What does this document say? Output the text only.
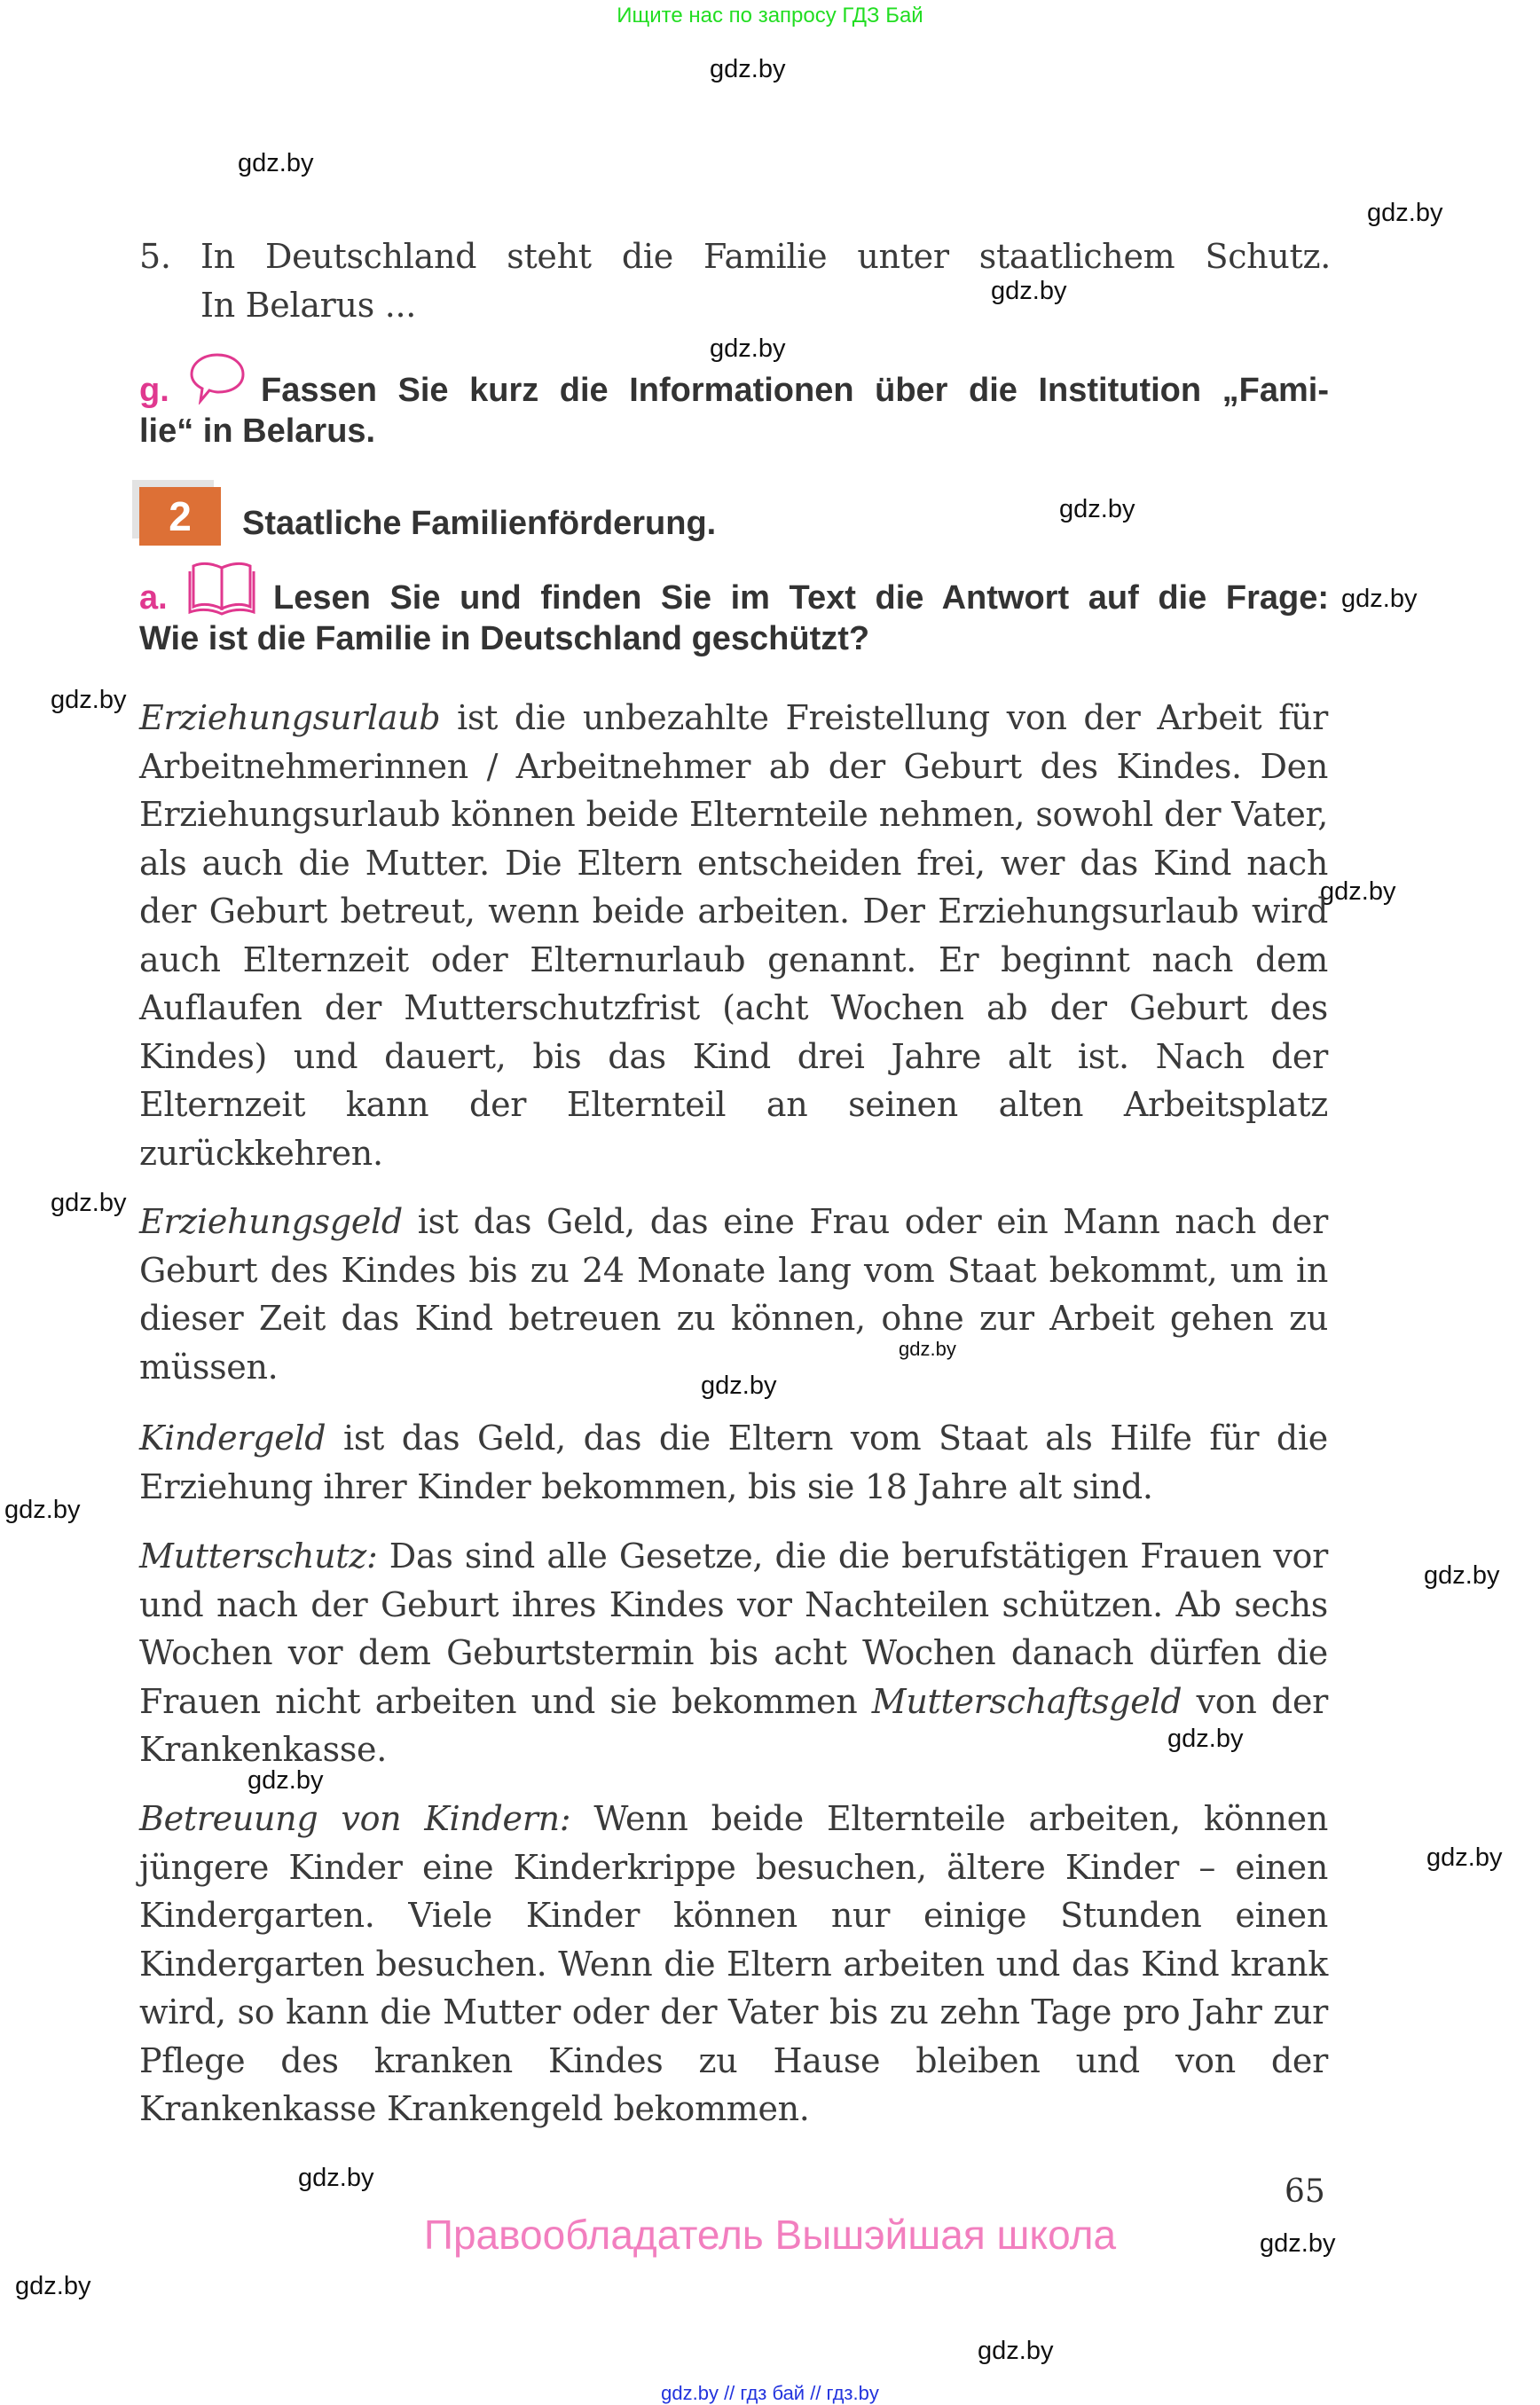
Ищите нас по запросу ГДЗ Бай
gdz.by
gdz.by
gdz.by
gdz.by
gdz.by
gdz.by
gdz.by
gdz.by
gdz.by
gdz.by
gdz.by
gdz.by
gdz.by
gdz.by
gdz.by
gdz.by
gdz.by
gdz.by
gdz.by
gdz.by
gdz.by
5. In Deutschland steht die Familie unter staatlichem Schutz.
In Belarus ...
g.	Fassen Sie kurz die Informationen über die Institution „Fami-
lie“ in Belarus.
2	Staatliche Familienförderung.
a.	Lesen Sie und finden Sie im Text die Antwort auf die Frage:
Wie ist die Familie in Deutschland geschützt?

Erziehungsurlaub ist die unbezahlte Freistellung von der Arbeit für Arbeitnehmerinnen / Arbeitnehmer ab der Geburt des Kindes. Den Erziehungsurlaub können beide Elternteile nehmen, sowohl der Vater, als auch die Mutter. Die Eltern entscheiden frei, wer das Kind nach der Geburt betreut, wenn beide arbeiten. Der Erziehungsurlaub wird auch Elternzeit oder Elternurlaub genannt. Er beginnt nach dem Auflaufen der Mutterschutzfrist (acht Wochen ab der Geburt des Kindes) und dauert, bis das Kind drei Jahre alt ist. Nach der Elternzeit kann der Elternteil an seinen alten Arbeitsplatz zurückkehren.

Erziehungsgeld ist das Geld, das eine Frau oder ein Mann nach der Geburt des Kindes bis zu 24 Monate lang vom Staat bekommt, um in dieser Zeit das Kind betreuen zu können, ohne zur Arbeit gehen zu müssen.

Kindergeld ist das Geld, das die Eltern vom Staat als Hilfe für die Erziehung ihrer Kinder bekommen, bis sie 18 Jahre alt sind.

Mutterschutz: Das sind alle Gesetze, die die berufstätigen Frauen vor und nach der Geburt ihres Kindes vor Nachteilen schützen. Ab sechs Wochen vor dem Geburtstermin bis acht Wochen danach dürfen die Frauen nicht arbeiten und sie bekommen Mutterschaftsgeld von der Krankenkasse.

Betreuung von Kindern: Wenn beide Elternteile arbeiten, können jüngere Kinder eine Kinderkrippe besuchen, ältere Kinder – einen Kindergarten. Viele Kinder können nur einige Stunden einen Kindergarten besuchen. Wenn die Eltern arbeiten und das Kind krank wird, so kann die Mutter oder der Vater bis zu zehn Tage pro Jahr zur Pflege des kranken Kindes zu Hause bleiben und von der Krankenkasse Krankengeld bekommen.

65
Правообладатель Вышэйшая школа
gdz.by // гдз бай // гдз.by
